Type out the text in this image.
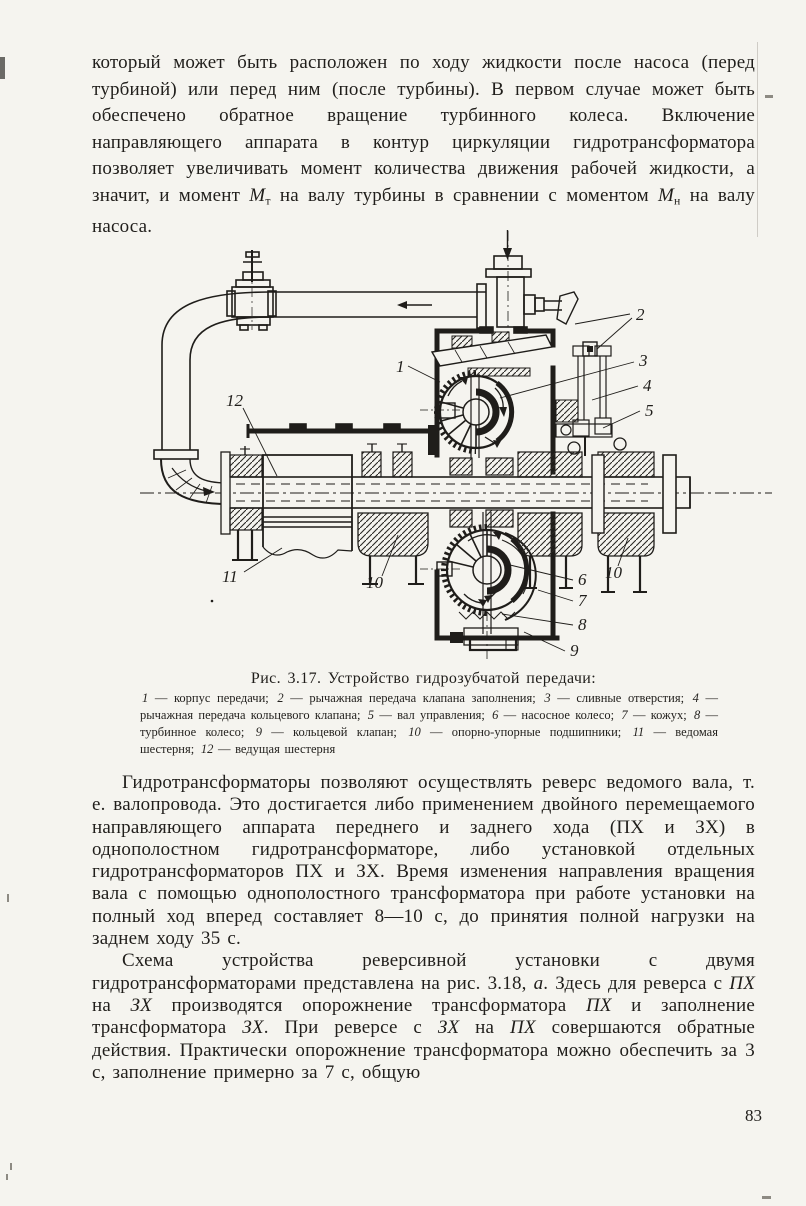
который может быть расположен по ходу жидкости после насоса (перед турбиной) или перед ним (после турбины). В первом случае может быть обеспечено обратное вращение турбинного колеса. Включение направляющего аппарата в контур циркуляции гидротрансформатора позволяет увеличивать момент количества движения рабочей жидкости, а значит, и момент Мт на валу турбины в сравнении с моментом Мн на валу насоса.
1
2
3
4
5
6
7
8
9
10
10
11
12
Рис. 3.17. Устройство гидрозубчатой передачи:
1 — корпус передачи; 2 — рычажная передача клапана заполнения; 3 — сливные отверстия; 4 — рычажная передача кольцевого клапана; 5 — вал управления; 6 — насосное колесо; 7 — кожух; 8 — турбинное колесо; 9 — кольцевой клапан; 10 — опорно-упорные подшипники; 11 — ведомая шестерня; 12 — ведущая шестерня

Гидротрансформаторы позволяют осуществлять реверс ведомого вала, т. е. валопровода. Это достигается либо применением двойного перемещаемого направляющего аппарата переднего и заднего хода (ПХ и ЗХ) в однополостном гидротрансформаторе, либо установкой отдельных гидротрансформаторов ПХ и ЗХ. Время изменения направления вращения вала с помощью однополостного трансформатора при работе установки на полный ход вперед составляет 8—10 с, до принятия полной нагрузки на заднем ходу 35 с.

Схема устройства реверсивной установки с двумя гидротрансформаторами представлена на рис. 3.18, а. Здесь для реверса с ПХ на ЗХ производятся опорожнение трансформатора ПХ и заполнение трансформатора ЗХ. При реверсе с ЗХ на ПХ совершаются обратные действия. Практически опорожнение трансформатора можно обеспечить за 3 с, заполнение примерно за 7 с, общую

83
